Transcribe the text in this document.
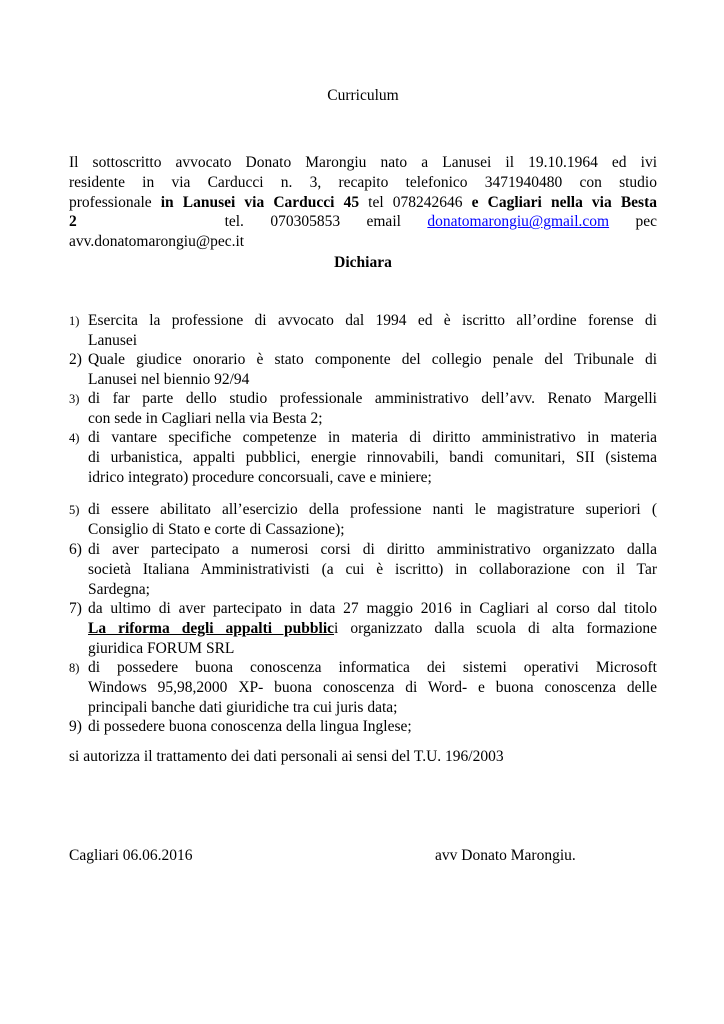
Curriculum
Il sottoscritto avvocato Donato Marongiu nato a Lanusei il 19.10.1964 ed ivi
residente in via Carducci n. 3, recapito telefonico 3471940480 con studio
professionale in Lanusei via Carducci 45 tel 078242646 e Cagliari nella via Besta
2	tel. 070305853 email donatomarongiu@gmail.com pec
avv.donatomarongiu@pec.it
Dichiara
1) Esercita la professione di avvocato dal 1994 ed è iscritto all’ordine forense di
Lanusei
2) Quale giudice onorario è stato componente del collegio penale del Tribunale di
Lanusei nel biennio 92/94
3) di far parte dello studio professionale amministrativo dell’avv. Renato Margelli
con sede in Cagliari nella via Besta 2;
4) di vantare specifiche competenze in materia di diritto amministrativo in materia
di urbanistica, appalti pubblici, energie rinnovabili, bandi comunitari, SII (sistema
idrico integrato) procedure concorsuali, cave e miniere;
5) di essere abilitato all’esercizio della professione nanti le magistrature superiori (
Consiglio di Stato e corte di Cassazione);
6) di aver partecipato a numerosi corsi di diritto amministrativo organizzato dalla
società Italiana Amministrativisti (a cui è iscritto) in collaborazione con il Tar
Sardegna;
7) da ultimo di aver partecipato in data 27 maggio 2016 in Cagliari al corso dal titolo
La riforma degli appalti pubblici organizzato dalla scuola di alta formazione
giuridica FORUM SRL
8) di possedere buona conoscenza informatica dei sistemi operativi Microsoft
Windows 95,98,2000 XP- buona conoscenza di Word- e buona conoscenza delle
principali banche dati giuridiche tra cui juris data;
9) di possedere buona conoscenza della lingua Inglese;
si autorizza il trattamento dei dati personali ai sensi del T.U. 196/2003
Cagliari 06.06.2016	avv Donato Marongiu.
